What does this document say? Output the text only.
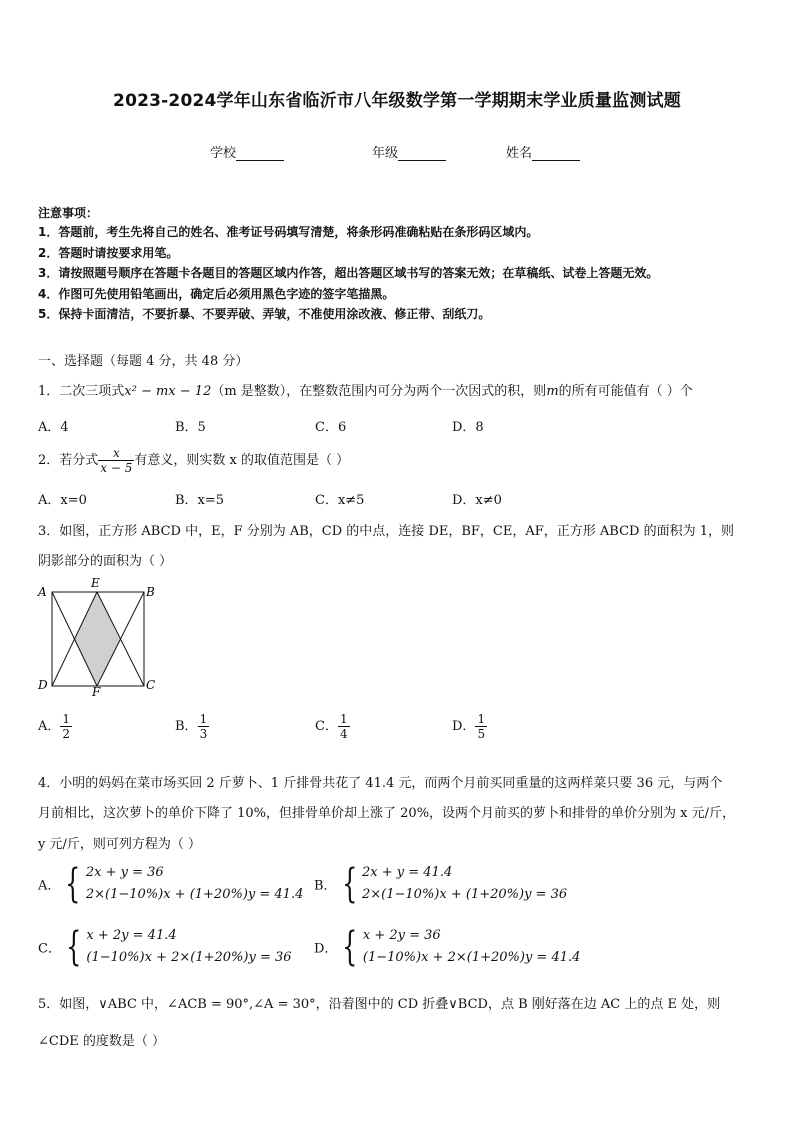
2023-2024学年山东省临沂市八年级数学第一学期期末学业质量监测试题
学校	年级	姓名
注意事项：
1．答题前，考生先将自己的姓名、准考证号码填写清楚，将条形码准确粘贴在条形码区域内。
2．答题时请按要求用笔。
3．请按照题号顺序在答题卡各题目的答题区域内作答，超出答题区域书写的答案无效；在草稿纸、试卷上答题无效。
4．作图可先使用铅笔画出，确定后必须用黑色字迹的签字笔描黑。
5．保持卡面清洁，不要折暴、不要弄破、弄皱，不准使用涂改液、修正带、刮纸刀。
一、选择题（每题 4 分，共 48 分）
1．二次三项式x² − mx − 12（m 是整数），在整数范围内可分为两个一次因式的积，则m的所有可能值有（ ）个
A．4	B．5	C．6	D．8
2．若分式 $\frac{x}{x - 5}$ 有意义，则实数 x 的取值范围是（ ）
A．x=0	B．x=5	C．x≠5	D．x≠0
3．如图，正方形 ABCD 中，E，F 分别为 AB，CD 的中点，连接 DE，BF，CE，AF，正方形 ABCD 的面积为 1，则
阴影部分的面积为（ ）
A
E
B
D	F	C
A． $\frac{1}{2}$	B． $\frac{1}{3}$	C． $\frac{1}{4}$	D． $\frac{1}{5}$
4．小明的妈妈在菜市场买回 2 斤萝卜、1 斤排骨共花了 41.4 元，而两个月前买同重量的这两样菜只要 36 元，与两个
月前相比，这次萝卜的单价下降了 10%，但排骨单价却上涨了 20%，设两个月前买的萝卜和排骨的单价分别为 x 元/斤，
y 元/斤，则可列方程为（ ）
A． { 2x + y = 36
2×(1−10%)x + (1+20%)y = 41.4
B． { 2x + y = 41.4
2×(1−10%)x + (1+20%)y = 36
C． { x + 2y = 41.4
(1−10%)x + 2×(1+20%)y = 36
D． { x + 2y = 36
(1−10%)x + 2×(1+20%)y = 41.4
5．如图，∨ABC 中，∠ACB = 90°,∠A = 30°，沿着图中的 CD 折叠∨BCD，点 B 刚好落在边 AC 上的点 E 处，则
∠CDE 的度数是（ ）
